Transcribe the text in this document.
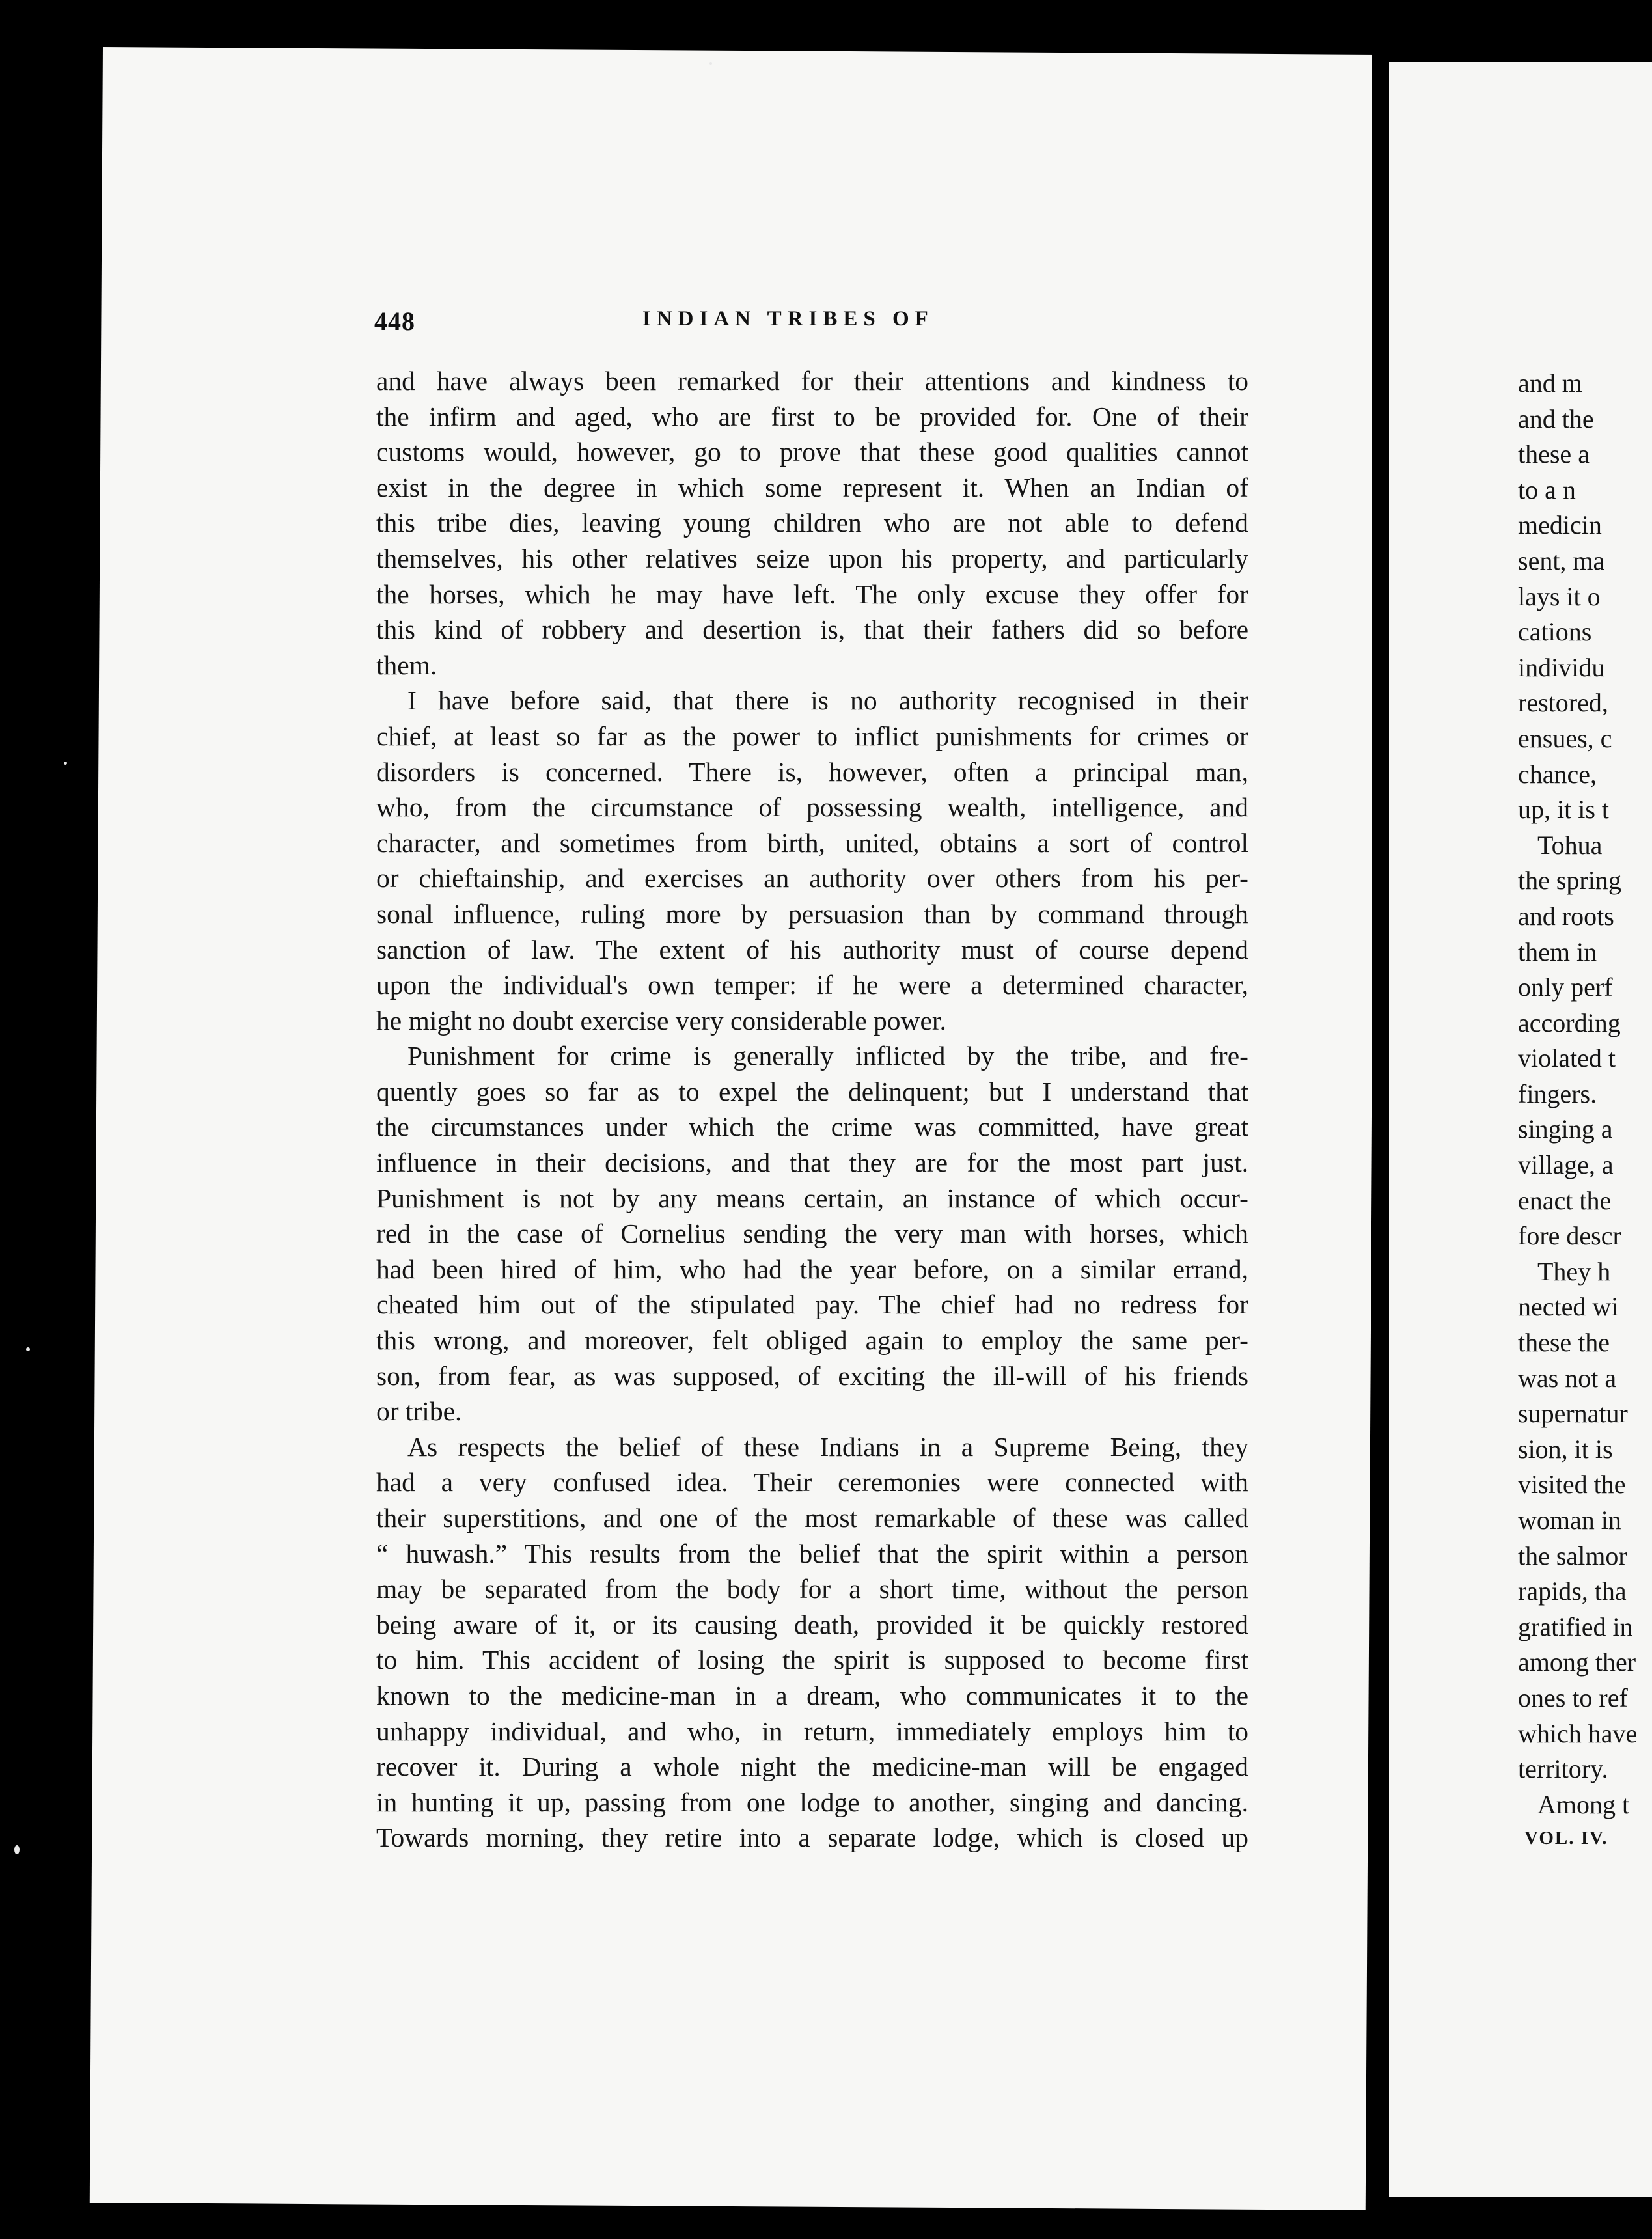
448	INDIAN TRIBES OF
and have always been remarked for their attentions and kindness to
the infirm and aged, who are first to be provided for. One of their
customs would, however, go to prove that these good qualities cannot
exist in the degree in which some represent it. When an Indian of
this tribe dies, leaving young children who are not able to defend
themselves, his other relatives seize upon his property, and particularly
the horses, which he may have left. The only excuse they offer for
this kind of robbery and desertion is, that their fathers did so before
them.
I have before said, that there is no authority recognised in their
chief, at least so far as the power to inflict punishments for crimes or
disorders is concerned. There is, however, often a principal man,
who, from the circumstance of possessing wealth, intelligence, and
character, and sometimes from birth, united, obtains a sort of control
or chieftainship, and exercises an authority over others from his per-
sonal influence, ruling more by persuasion than by command through
sanction of law. The extent of his authority must of course depend
upon the individual's own temper: if he were a determined character,
he might no doubt exercise very considerable power.
Punishment for crime is generally inflicted by the tribe, and fre-
quently goes so far as to expel the delinquent; but I understand that
the circumstances under which the crime was committed, have great
influence in their decisions, and that they are for the most part just.
Punishment is not by any means certain, an instance of which occur-
red in the case of Cornelius sending the very man with horses, which
had been hired of him, who had the year before, on a similar errand,
cheated him out of the stipulated pay. The chief had no redress for
this wrong, and moreover, felt obliged again to employ the same per-
son, from fear, as was supposed, of exciting the ill-will of his friends
or tribe.
As respects the belief of these Indians in a Supreme Being, they
had a very confused idea. Their ceremonies were connected with
their superstitions, and one of the most remarkable of these was called
“ huwash.” This results from the belief that the spirit within a person
may be separated from the body for a short time, without the person
being aware of it, or its causing death, provided it be quickly restored
to him. This accident of losing the spirit is supposed to become first
known to the medicine-man in a dream, who communicates it to the
unhappy individual, and who, in return, immediately employs him to
recover it. During a whole night the medicine-man will be engaged
in hunting it up, passing from one lodge to another, singing and dancing.
Towards morning, they retire into a separate lodge, which is closed up
and m
and the
these a
to a n
medicin
sent, ma
lays it o
cations
individu
restored,
ensues, c
chance,
up, it is t
Tohua
the spring
and roots
them in
only perf
according
violated t
fingers.
singing a
village, a
enact the
fore descr
They h
nected wi
these the
was not a
supernatur
sion, it is
visited the
woman in
the salmor
rapids, tha
gratified in
among ther
ones to ref
which have
territory.
Among t
VOL. IV.
